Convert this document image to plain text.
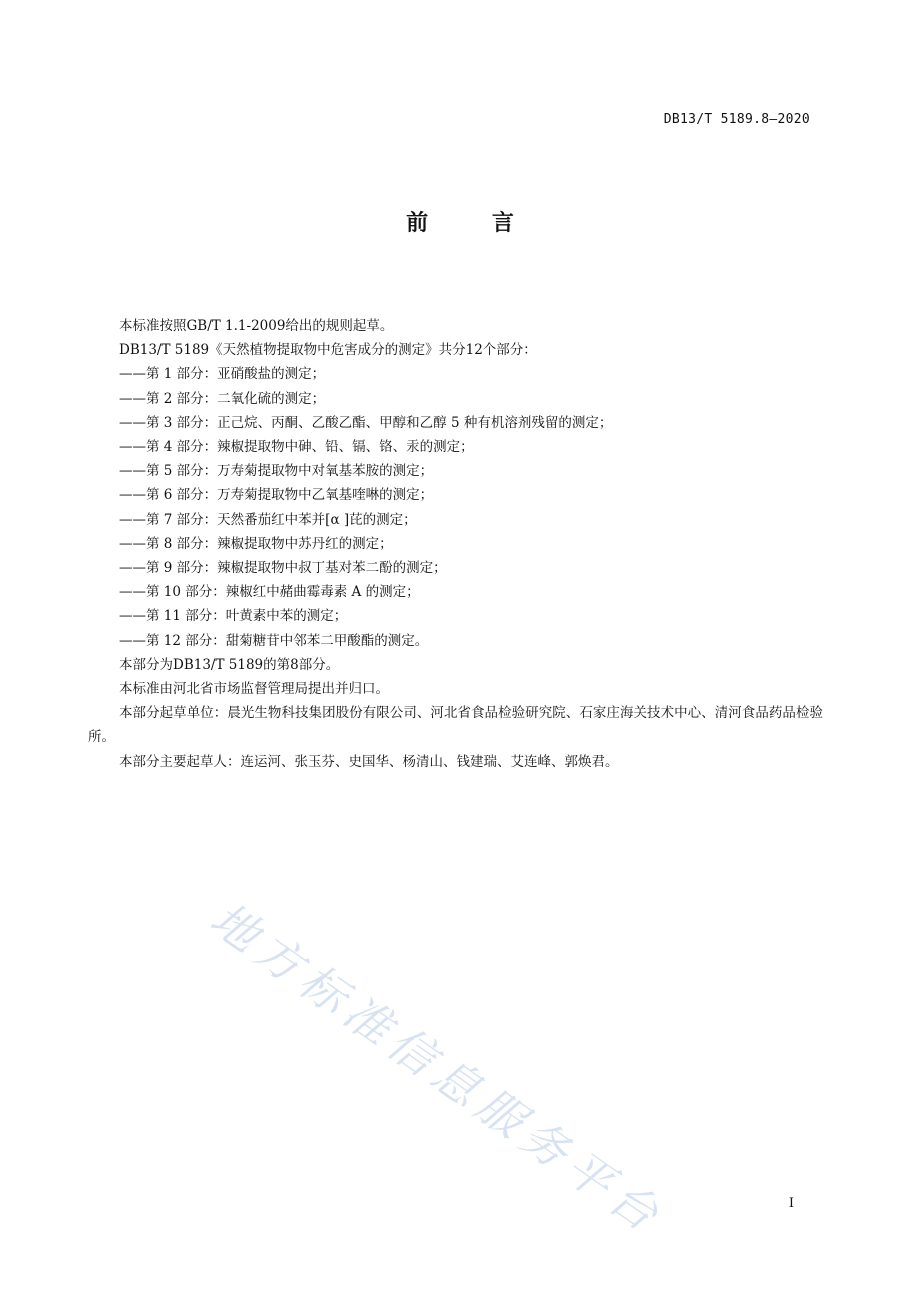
DB13/T 5189.8—2020
前 言

本标准按照GB/T 1.1-2009给出的规则起草。

DB13/T 5189《天然植物提取物中危害成分的测定》共分12个部分：

——第 1 部分：亚硝酸盐的测定；

——第 2 部分：二氧化硫的测定；

——第 3 部分：正己烷、丙酮、乙酸乙酯、甲醇和乙醇 5 种有机溶剂残留的测定；

——第 4 部分：辣椒提取物中砷、铅、镉、铬、汞的测定；

——第 5 部分：万寿菊提取物中对氧基苯胺的测定；

——第 6 部分：万寿菊提取物中乙氧基喹啉的测定；

——第 7 部分：天然番茄红中苯并[α ]芘的测定；

——第 8 部分：辣椒提取物中苏丹红的测定；

——第 9 部分：辣椒提取物中叔丁基对苯二酚的测定；

——第 10 部分：辣椒红中赭曲霉毒素 A 的测定；

——第 11 部分：叶黄素中苯的测定；

——第 12 部分：甜菊糖苷中邻苯二甲酸酯的测定。

本部分为DB13/T 5189的第8部分。

本标准由河北省市场监督管理局提出并归口。

本部分起草单位：晨光生物科技集团股份有限公司、河北省食品检验研究院、石家庄海关技术中心、清河食品药品检验所。

本部分主要起草人：连运河、张玉芬、史国华、杨清山、钱建瑞、艾连峰、郭焕君。

地方标准信息服务平台	I
